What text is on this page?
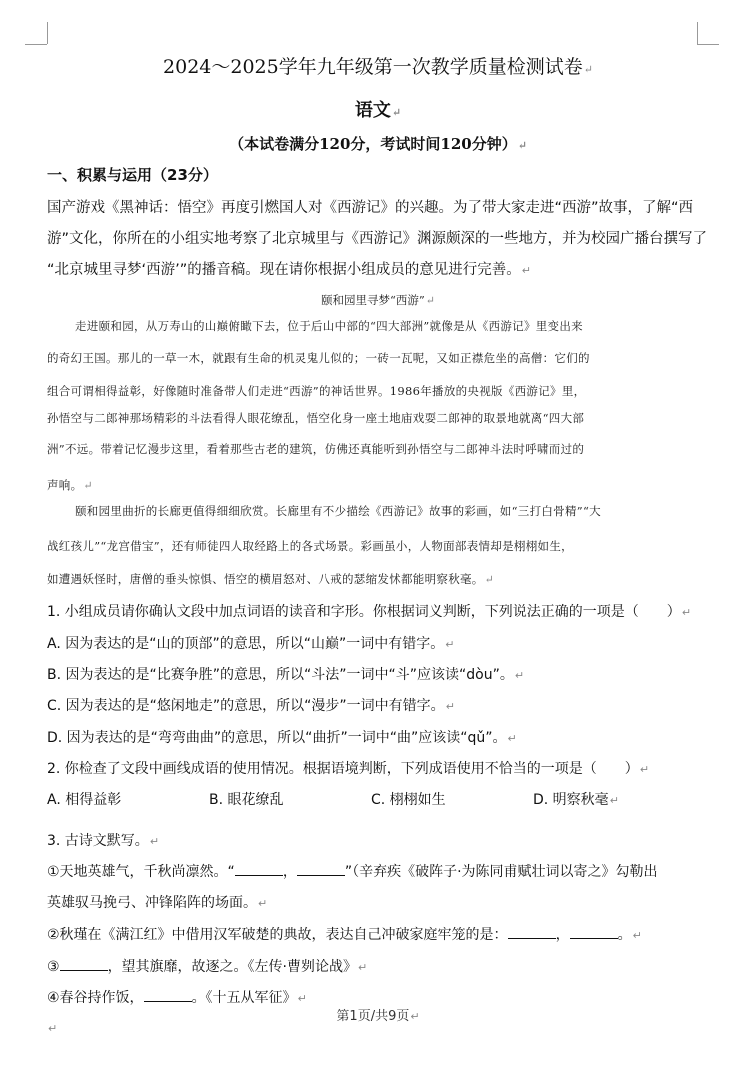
2024～2025学年九年级第一次教学质量检测试卷↵
语文↵
（本试卷满分120分，考试时间120分钟）↵
一、积累与运用（23分）
国产游戏《黑神话：悟空》再度引燃国人对《西游记》的兴趣。为了带大家走进“西游”故事，了解“西
游”文化，你所在的小组实地考察了北京城里与《西游记》渊源颇深的一些地方，并为校园广播台撰写了
“北京城里寻梦‘西游’”的播音稿。现在请你根据小组成员的意见进行完善。↵
颐和园里寻梦“西游”↵
走进颐和园，从万寿山的山巅俯瞰下去，位于后山中部的“四大部洲”就像是从《西游记》里变出来
的奇幻王国。那儿的一草一木，就跟有生命的机灵鬼儿似的；一砖一瓦呢，又如正襟危坐的高僧：它们的
组合可谓相得益彰，好像随时准备带人们走进“西游”的神话世界。1986年播放的央视版《西游记》里，
孙悟空与二郎神那场精彩的斗法看得人眼花缭乱，悟空化身一座土地庙戏耍二郎神的取景地就离“四大部
洲”不远。带着记忆漫步这里，看着那些古老的建筑，仿佛还真能听到孙悟空与二郎神斗法时呼啸而过的
声响。↵
颐和园里曲折的长廊更值得细细欣赏。长廊里有不少描绘《西游记》故事的彩画，如“三打白骨精”“大
战红孩儿”“龙宫借宝”，还有师徒四人取经路上的各式场景。彩画虽小，人物面部表情却是栩栩如生，
如遭遇妖怪时，唐僧的垂头惊惧、悟空的横眉怒对、八戒的瑟缩发怵都能明察秋毫。↵
1. 小组成员请你确认文段中加点词语的读音和字形。你根据词义判断，下列说法正确的一项是（　　）↵
A. 因为表达的是“山的顶部”的意思，所以“山巅”一词中有错字。↵
B. 因为表达的是“比赛争胜”的意思，所以“斗法”一词中“斗”应该读“dòu”。↵
C. 因为表达的是“悠闲地走”的意思，所以“漫步”一词中有错字。↵
D. 因为表达的是“弯弯曲曲”的意思，所以“曲折”一词中“曲”应该读“qǔ”。↵
2. 你检查了文段中画线成语的使用情况。根据语境判断，下列成语使用不恰当的一项是（　　）↵
A. 相得益彰	B. 眼花缭乱	C. 栩栩如生	D. 明察秋毫↵
3. 古诗文默写。↵
①天地英雄气，千秋尚凛然。“	，	”（辛弃疾《破阵子·为陈同甫赋壮词以寄之》勾勒出
英雄驭马挽弓、冲锋陷阵的场面。↵
②秋瑾在《满江红》中借用汉军破楚的典故，表达自己冲破家庭牢笼的是：	，	。↵
③	，望其旗靡，故逐之。《左传·曹刿论战》↵
④春谷持作饭，	。《十五从军征》↵
第1页/共9页↵
↵
